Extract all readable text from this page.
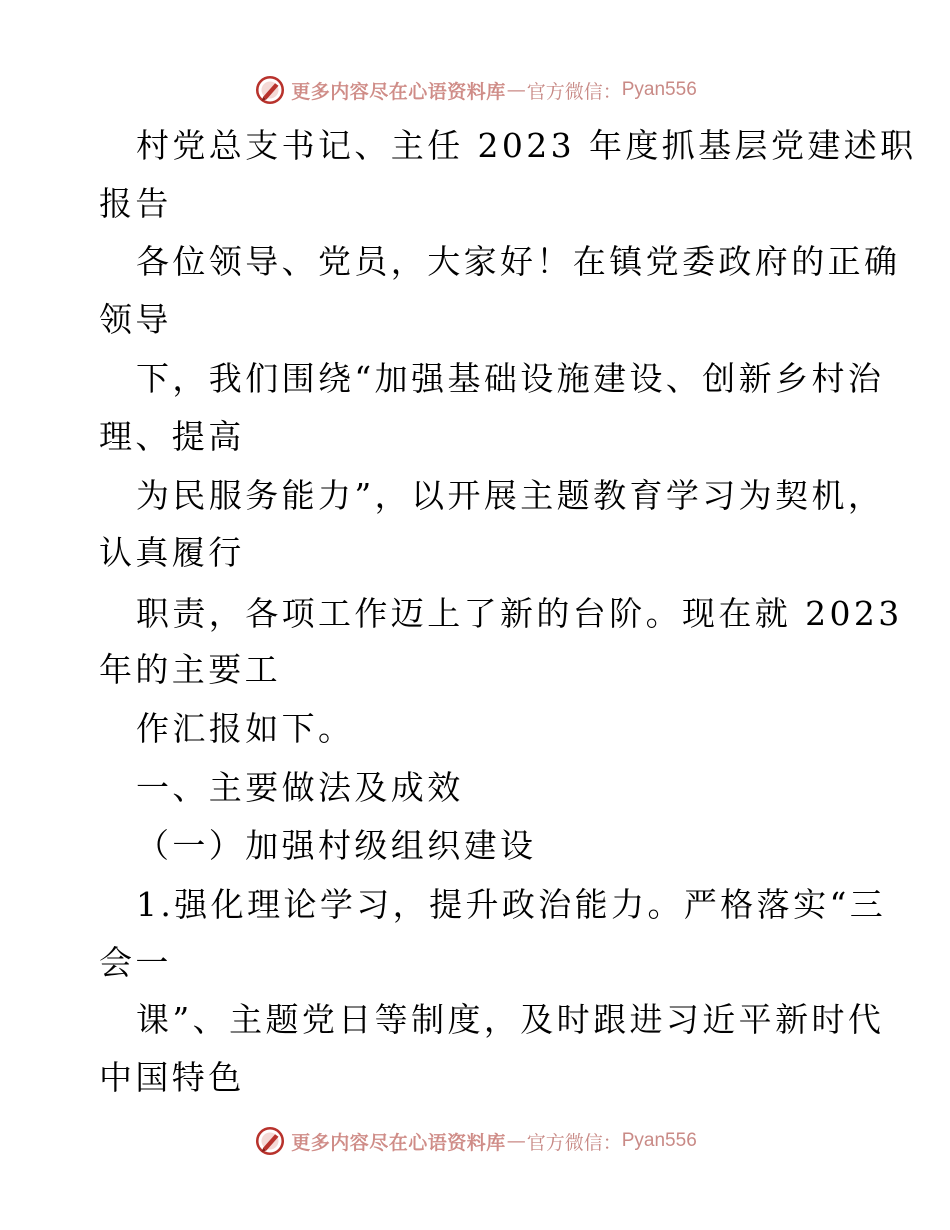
更多内容尽在心语资料库 — 官方微信： Pyan556

村党总支书记、主任 2023 年度抓基层党建述职

报告

各位领导、党员，大家好！在镇党委政府的正确

领导

下，我们围绕“加强基础设施建设、创新乡村治

理、提高

为民服务能力”，以开展主题教育学习为契机，

认真履行

职责，各项工作迈上了新的台阶。现在就 2023

年的主要工

作汇报如下。

一、主要做法及成效

（一）加强村级组织建设

1.强化理论学习，提升政治能力。严格落实“三

会一

课”、主题党日等制度，及时跟进习近平新时代

中国特色

更多内容尽在心语资料库 — 官方微信： Pyan556
